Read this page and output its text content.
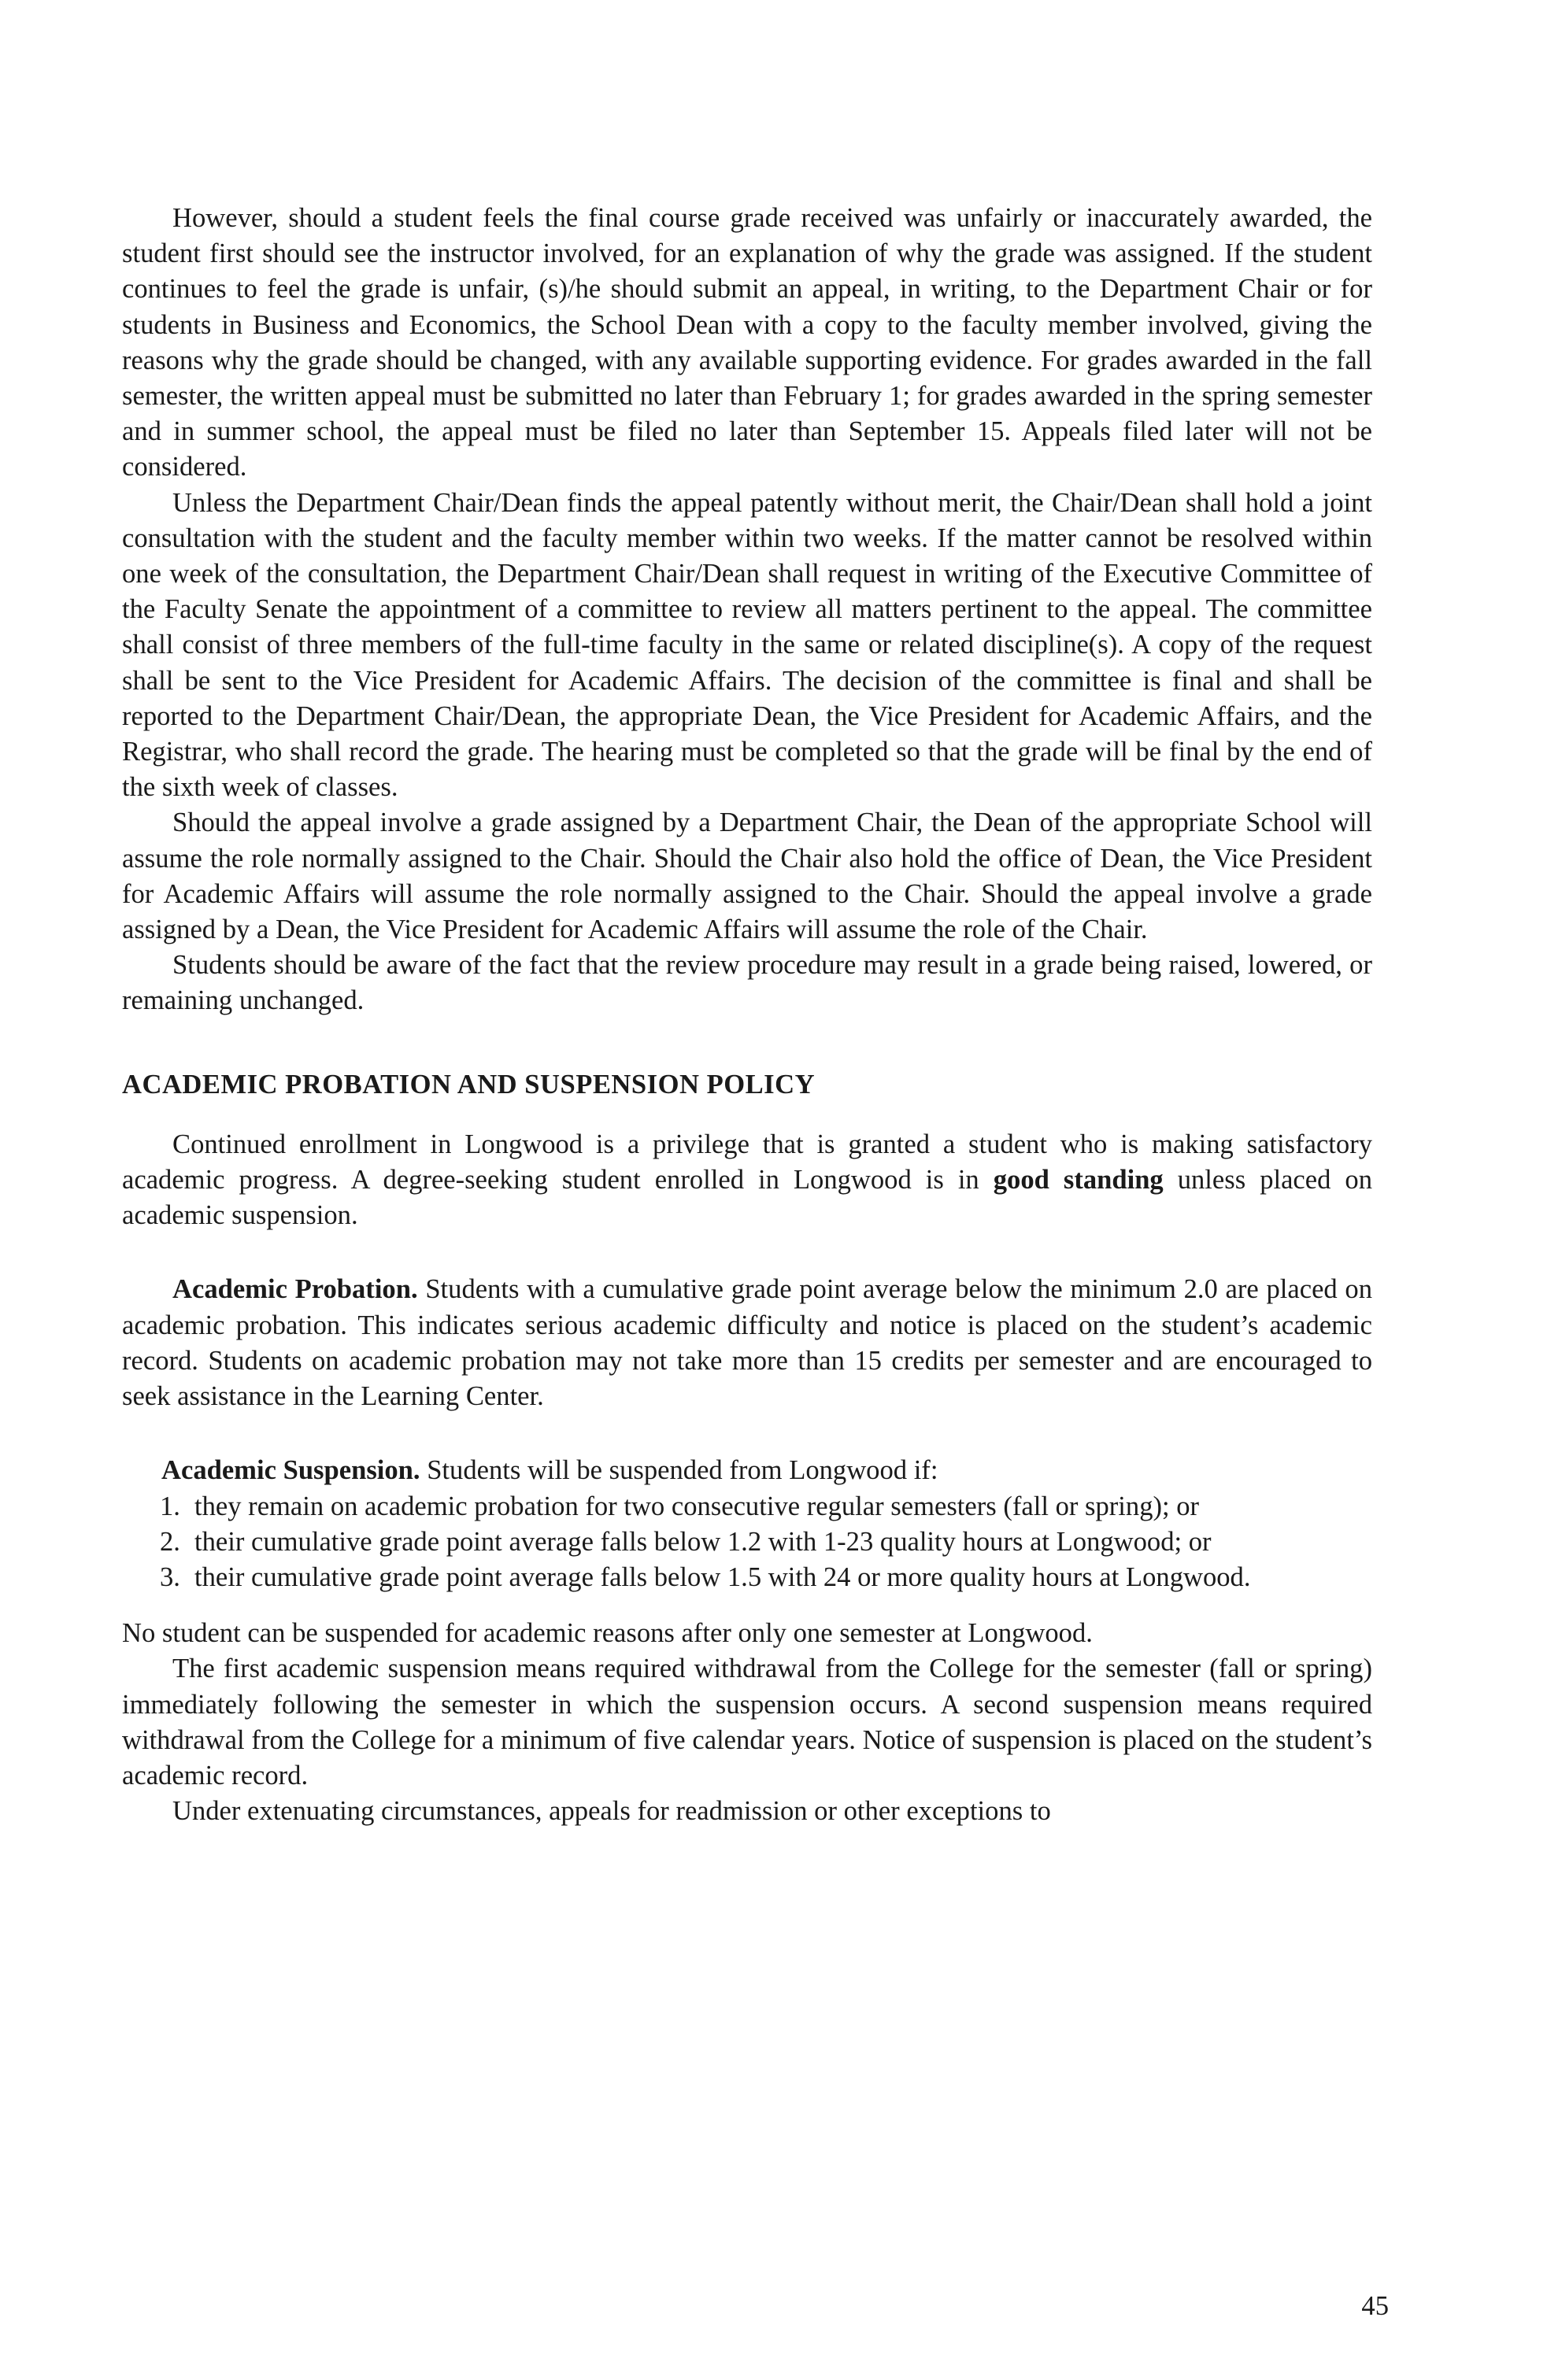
However, should a student feels the final course grade received was unfairly or inaccurately awarded, the student first should see the instructor involved, for an explanation of why the grade was assigned. If the student continues to feel the grade is unfair, (s)/he should submit an appeal, in writing, to the Department Chair or for students in Business and Economics, the School Dean with a copy to the faculty member involved, giving the reasons why the grade should be changed, with any available supporting evidence. For grades awarded in the fall semester, the written appeal must be submitted no later than February 1; for grades awarded in the spring semester and in summer school, the appeal must be filed no later than September 15. Appeals filed later will not be considered.

Unless the Department Chair/Dean finds the appeal patently without merit, the Chair/Dean shall hold a joint consultation with the student and the faculty member within two weeks. If the matter cannot be resolved within one week of the consultation, the Department Chair/Dean shall request in writing of the Executive Committee of the Faculty Senate the appointment of a committee to review all matters pertinent to the appeal. The committee shall consist of three members of the full-time faculty in the same or related discipline(s). A copy of the request shall be sent to the Vice President for Academic Affairs. The decision of the committee is final and shall be reported to the Department Chair/Dean, the appropriate Dean, the Vice President for Academic Affairs, and the Registrar, who shall record the grade. The hearing must be completed so that the grade will be final by the end of the sixth week of classes.

Should the appeal involve a grade assigned by a Department Chair, the Dean of the appropriate School will assume the role normally assigned to the Chair. Should the Chair also hold the office of Dean, the Vice President for Academic Affairs will assume the role normally assigned to the Chair. Should the appeal involve a grade assigned by a Dean, the Vice President for Academic Affairs will assume the role of the Chair.

Students should be aware of the fact that the review procedure may result in a grade being raised, lowered, or remaining unchanged.

ACADEMIC PROBATION AND SUSPENSION POLICY

Continued enrollment in Longwood is a privilege that is granted a student who is making satisfactory academic progress. A degree-seeking student enrolled in Longwood is in good standing unless placed on academic suspension.

Academic Probation. Students with a cumulative grade point average below the minimum 2.0 are placed on academic probation. This indicates serious academic difficulty and notice is placed on the student’s academic record. Students on academic probation may not take more than 15 credits per semester and are encouraged to seek assistance in the Learning Center.

Academic Suspension. Students will be suspended from Longwood if:

1. they remain on academic probation for two consecutive regular semesters (fall or spring); or
2. their cumulative grade point average falls below 1.2 with 1-23 quality hours at Longwood; or
3. their cumulative grade point average falls below 1.5 with 24 or more quality hours at Longwood.

No student can be suspended for academic reasons after only one semester at Longwood.

The first academic suspension means required withdrawal from the College for the semester (fall or spring) immediately following the semester in which the suspension occurs. A second suspension means required withdrawal from the College for a minimum of five calendar years. Notice of suspension is placed on the student’s academic record.

Under extenuating circumstances, appeals for readmission or other exceptions to

45
